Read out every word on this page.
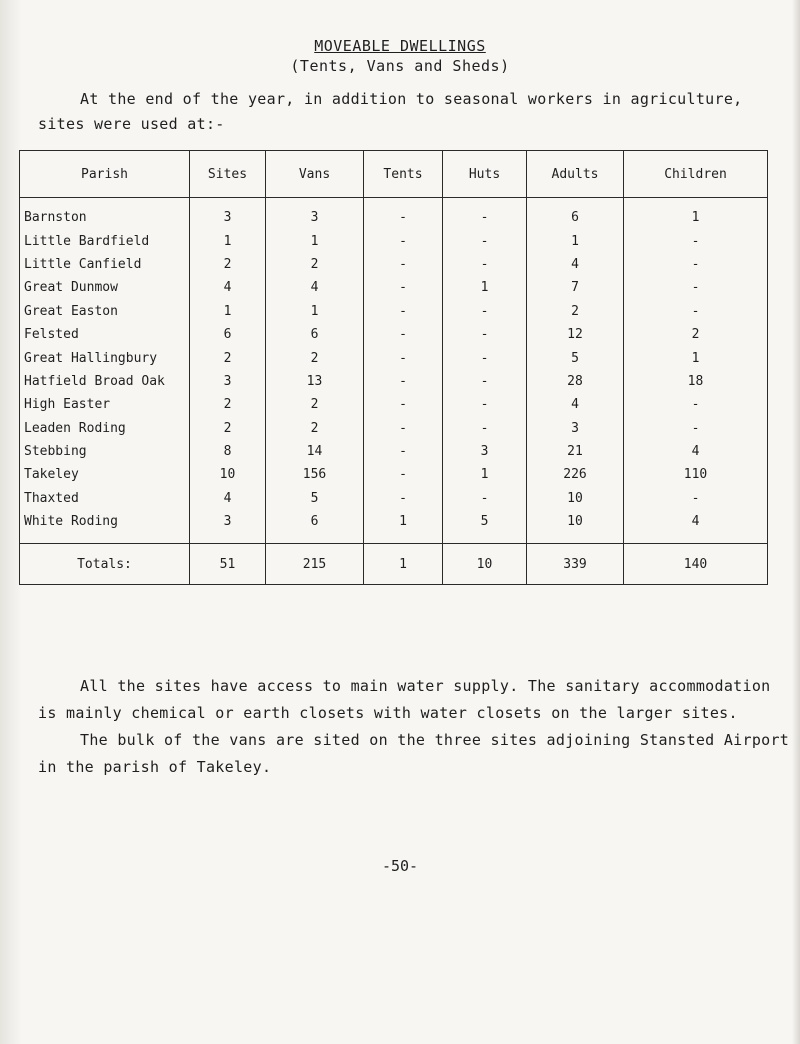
MOVEABLE DWELLINGS
(Tents, Vans and Sheds)

At the end of the year, in addition to seasonal workers in agriculture,

sites were used at:-

Parish	Sites	Vans	Tents	Huts	Adults	Children
Barnston	3	3	-	-	6	1
Little Bardfield	1	1	-	-	1	-
Little Canfield	2	2	-	-	4	-
Great Dunmow	4	4	-	1	7	-
Great Easton	1	1	-	-	2	-
Felsted	6	6	-	-	12	2
Great Hallingbury	2	2	-	-	5	1
Hatfield Broad Oak	3	13	-	-	28	18
High Easter	2	2	-	-	4	-
Leaden Roding	2	2	-	-	3	-
Stebbing	8	14	-	3	21	4
Takeley	10	156	-	1	226	110
Thaxted	4	5	-	-	10	-
White Roding	3	6	1	5	10	4

Totals:	51	215	1	10	339	140

All the sites have access to main water supply. The sanitary accommodation

is mainly chemical or earth closets with water closets on the larger sites.

The bulk of the vans are sited on the three sites adjoining Stansted Airport

in the parish of Takeley.

-50-
